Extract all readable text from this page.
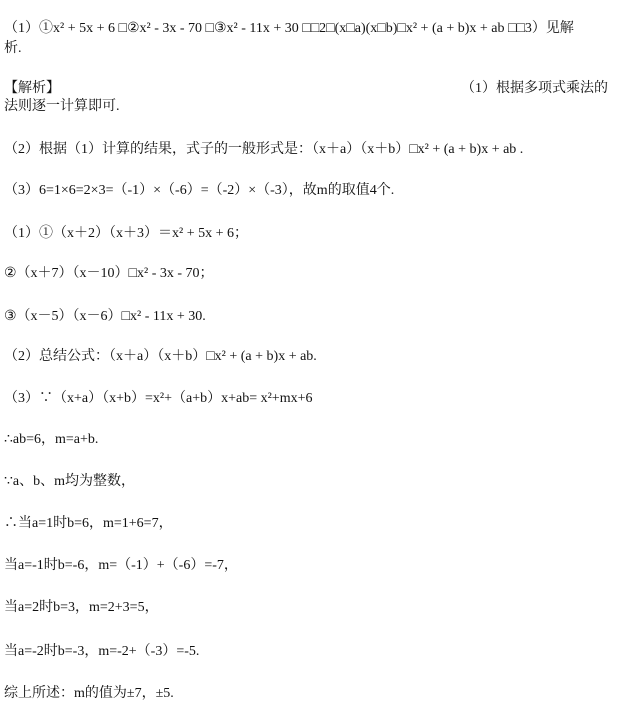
（1）①x² + 5x + 6 □②x² - 3x - 70 □③x² - 11x + 30 □□2□(x□a)(x□b)□x² + (a + b)x + ab □□3）见解
析.
【解析】	（1）根据多项式乘法的
法则逐一计算即可.
（2）根据（1）计算的结果，式子的一般形式是：（x＋a）（x＋b）□x² + (a + b)x + ab .
（3）6=1×6=2×3=（-1）×（-6）=（-2）×（-3），故m的取值4个.
（1）①（x＋2）（x＋3）＝x² + 5x + 6；
②（x＋7）（x－10）□x² - 3x - 70；
③（x－5）（x－6）□x² - 11x + 30.
（2）总结公式：（x＋a）（x＋b）□x² + (a + b)x + ab.
（3）∵（x+a）（x+b）=x²+（a+b）x+ab= x²+mx+6
∴ab=6，m=a+b.
∵a、b、m均为整数，
∴当a=1时b=6，m=1+6=7，
当a=-1时b=-6，m=（-1）+（-6）=-7，
当a=2时b=3，m=2+3=5，
当a=-2时b=-3，m=-2+（-3）=-5.
综上所述：m的值为±7，±5.
